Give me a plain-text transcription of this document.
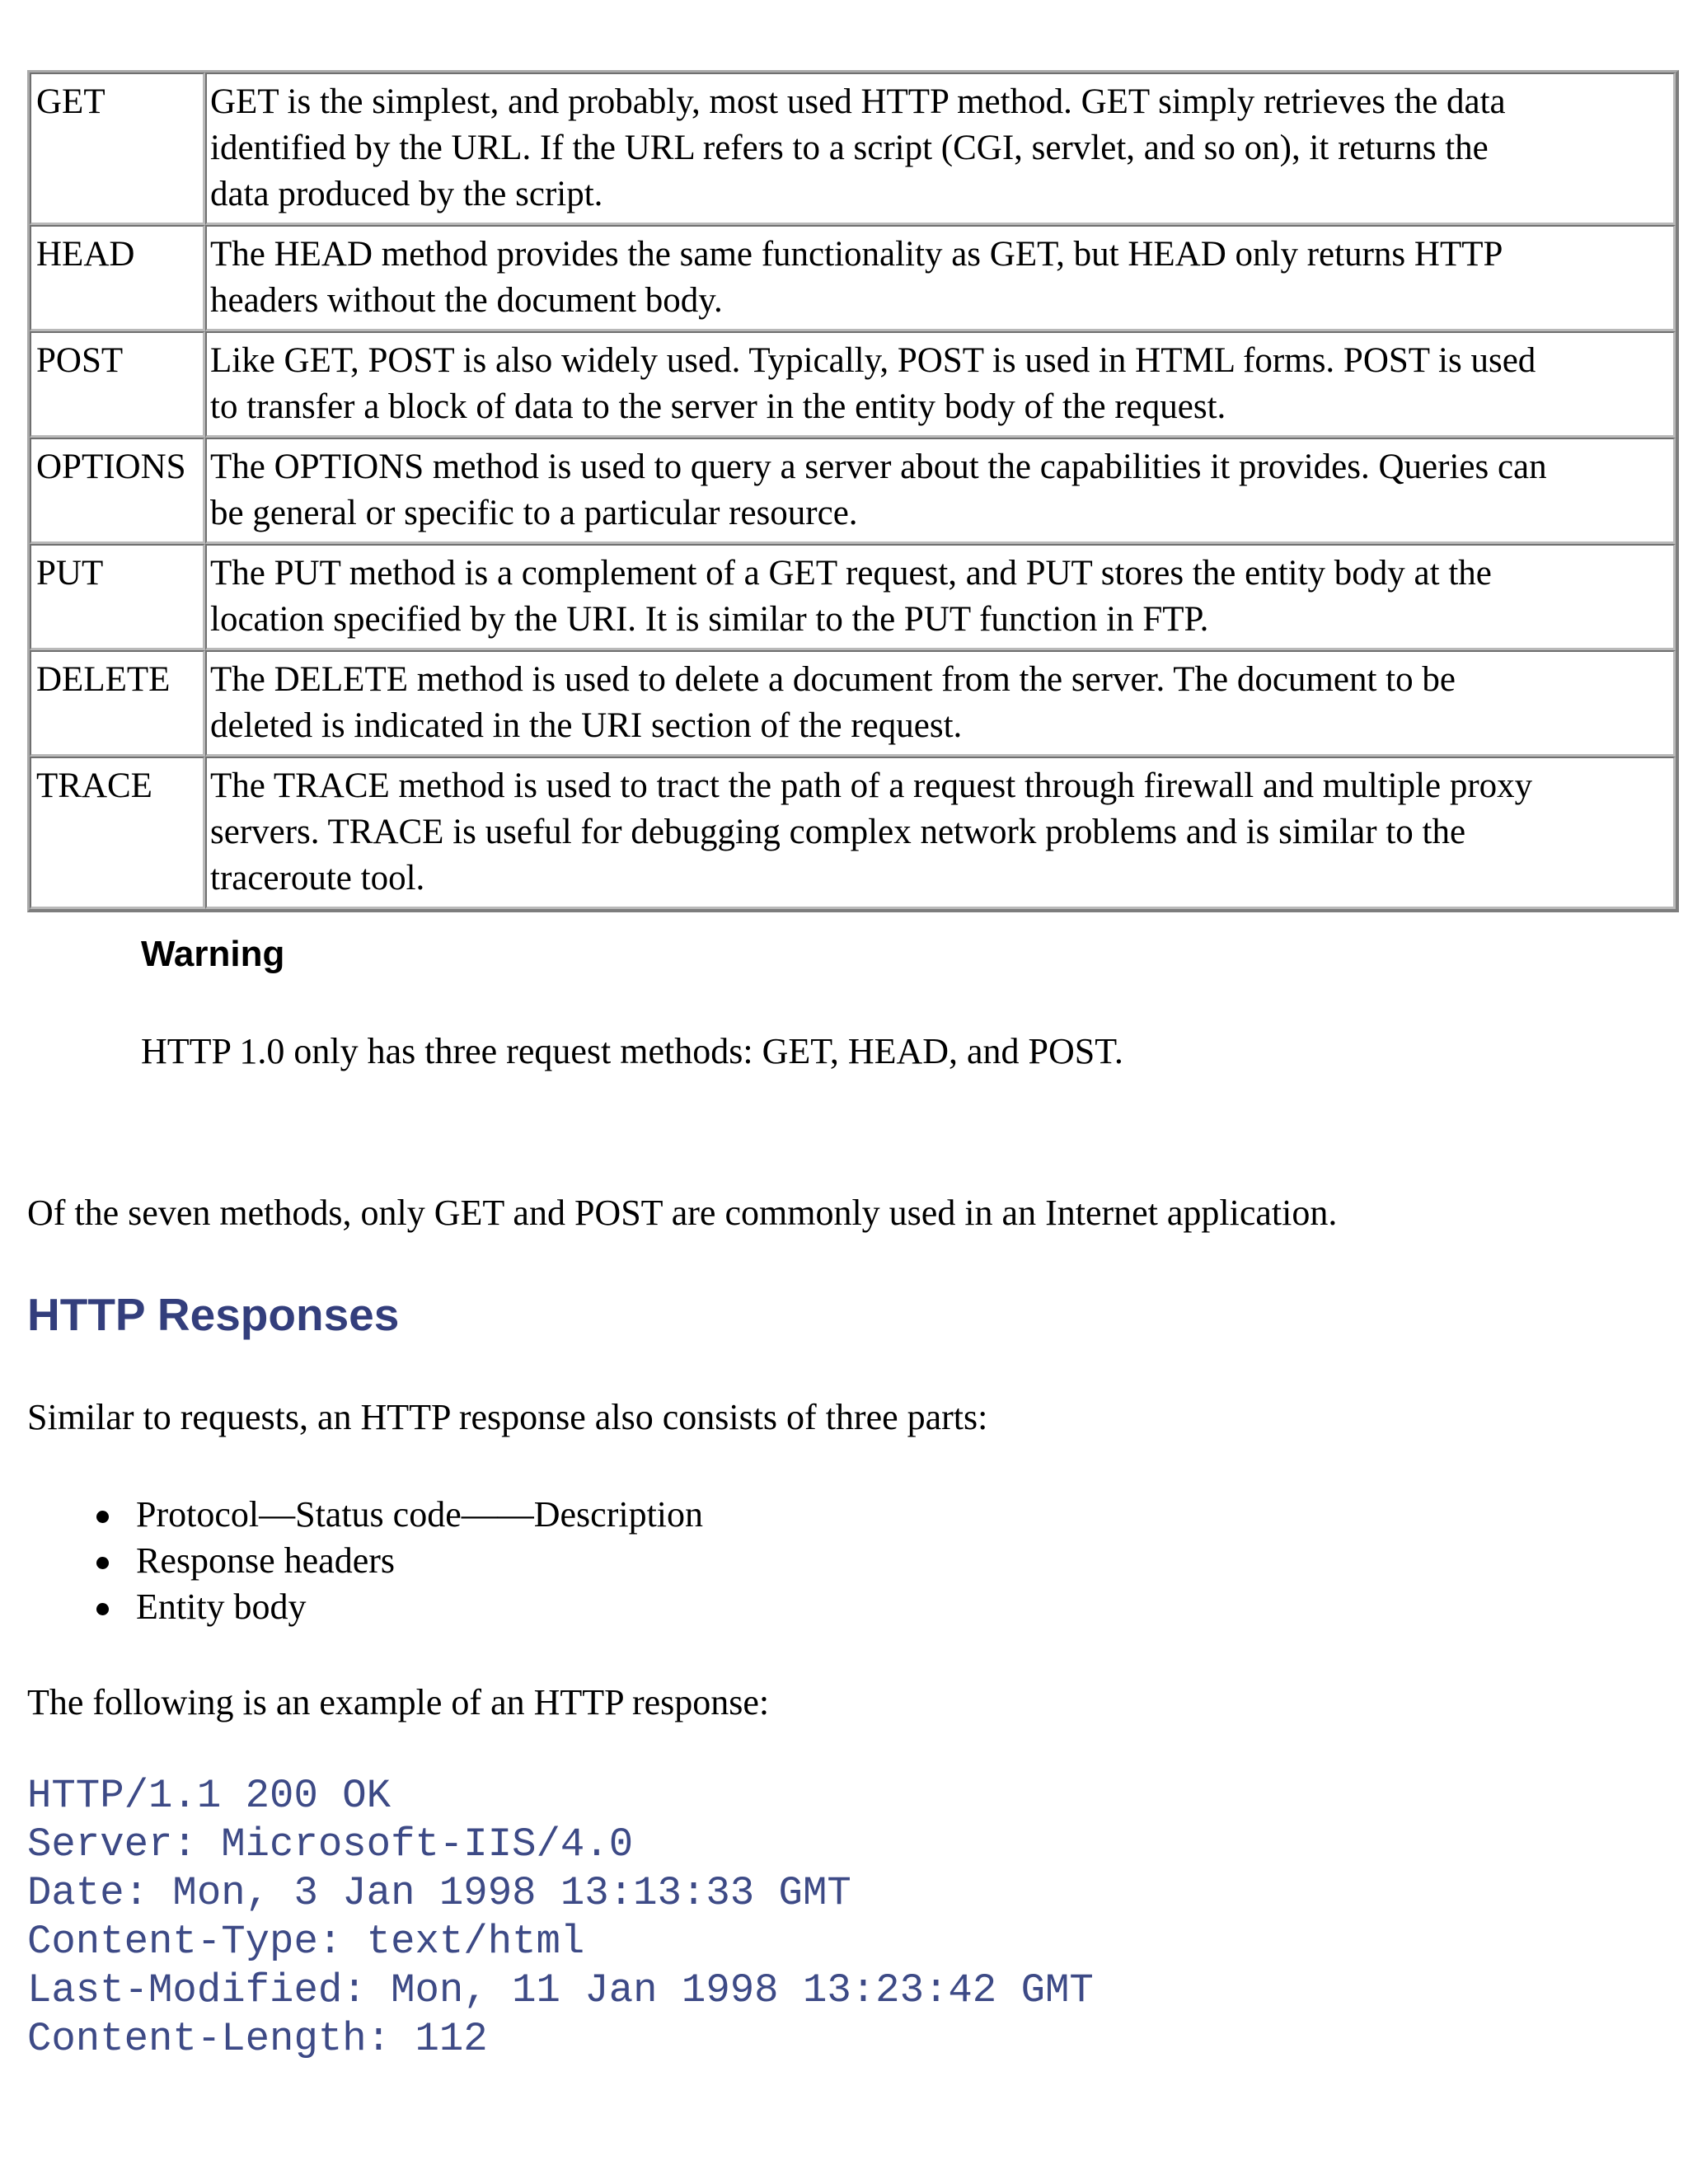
GET	GET is the simplest, and probably, most used HTTP method. GET simply retrieves the data
identified by the URL. If the URL refers to a script (CGI, servlet, and so on), it returns the
data produced by the script.
HEAD	The HEAD method provides the same functionality as GET, but HEAD only returns HTTP
headers without the document body.
POST	Like GET, POST is also widely used. Typically, POST is used in HTML forms. POST is used
to transfer a block of data to the server in the entity body of the request.
OPTIONS	The OPTIONS method is used to query a server about the capabilities it provides. Queries can
be general or specific to a particular resource.
PUT	The PUT method is a complement of a GET request, and PUT stores the entity body at the
location specified by the URI. It is similar to the PUT function in FTP.
DELETE	The DELETE method is used to delete a document from the server. The document to be
deleted is indicated in the URI section of the request.
TRACE	The TRACE method is used to tract the path of a request through firewall and multiple proxy
servers. TRACE is useful for debugging complex network problems and is similar to the
traceroute tool.
Warning
HTTP 1.0 only has three request methods: GET, HEAD, and POST.

Of the seven methods, only GET and POST are commonly used in an Internet application.

HTTP Responses

Similar to requests, an HTTP response also consists of three parts:

Protocol—Status code——Description
Response headers
Entity body

The following is an example of an HTTP response:

HTTP/1.1 200 OK
Server: Microsoft-IIS/4.0
Date: Mon, 3 Jan 1998 13:13:33 GMT
Content-Type: text/html
Last-Modified: Mon, 11 Jan 1998 13:23:42 GMT
Content-Length: 112
